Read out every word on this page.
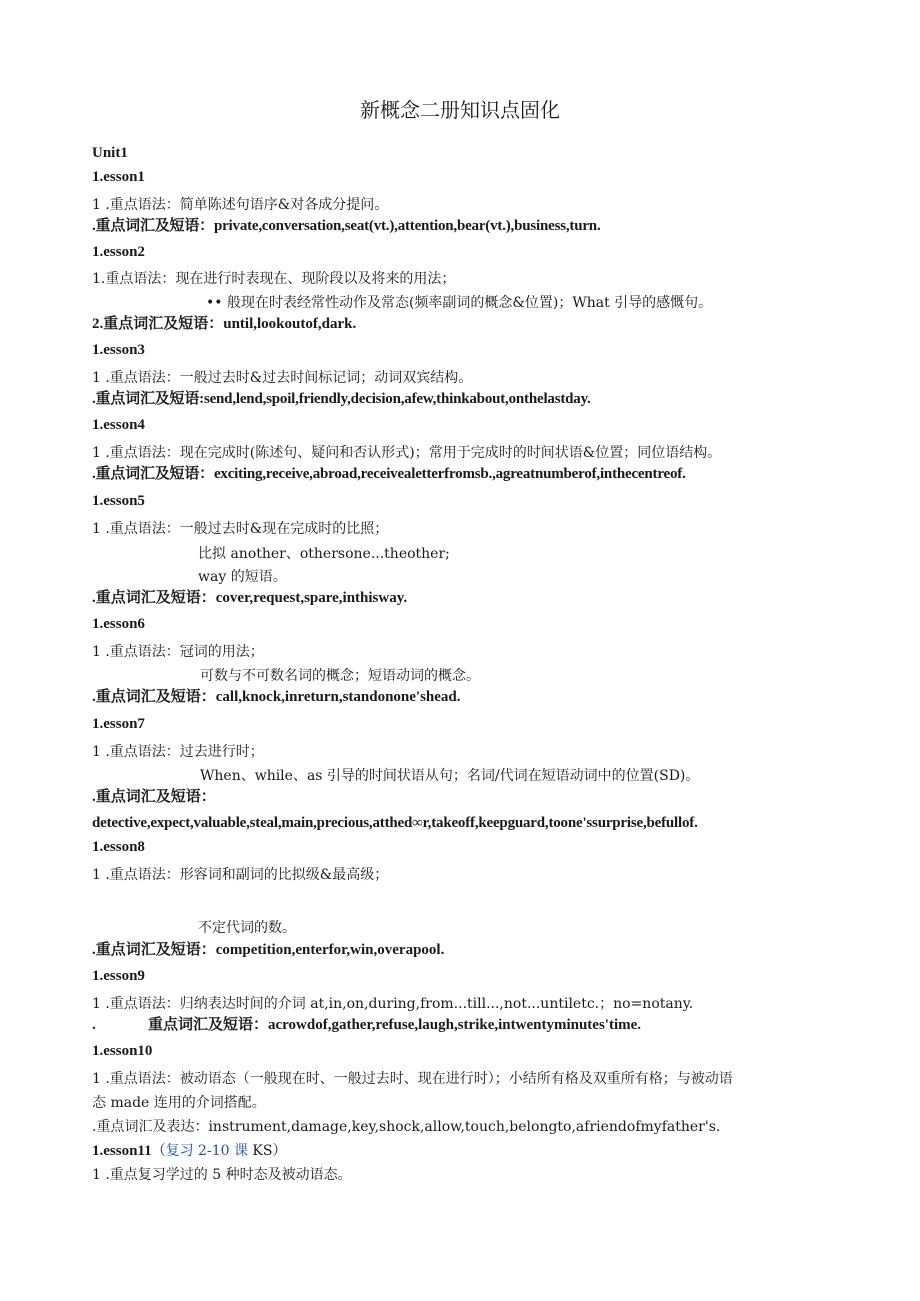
新概念二册知识点固化
Unit1
1.esson1
1 .重点语法：简单陈述句语序&对各成分提问。
.重点词汇及短语：private,conversation,seat(vt.),attention,bear(vt.),business,turn.
1.esson2
1.重点语法：现在进行时表现在、现阶段以及将来的用法；
•• 般现在时表经常性动作及常态(频率副词的概念&位置)；What 引导的感慨句。
2.重点词汇及短语：until,lookoutof,dark.
1.esson3
1 .重点语法：一般过去时&过去时间标记词；动词双宾结构。
.重点词汇及短语:send,lend,spoil,friendly,decision,afew,thinkabout,onthelastday.
1.esson4
1 .重点语法：现在完成时(陈述句、疑问和否认形式)；常用于完成时的时间状语&位置；同位语结构。
.重点词汇及短语：exciting,receive,abroad,receivealetterfromsb.,agreatnumberof,inthecentreof.
1.esson5
1 .重点语法：一般过去时&现在完成时的比照；
比拟 another、othersone...theother;
way 的短语。
.重点词汇及短语：cover,request,spare,inthisway.
1.esson6
1 .重点语法：冠词的用法；
可数与不可数名词的概念；短语动词的概念。
.重点词汇及短语：call,knock,inreturn,standonone'shead.
1.esson7
1 .重点语法：过去进行时；
When、while、as 引导的时间状语从句；名词/代词在短语动词中的位置(SD)。
.重点词汇及短语：
detective,expect,valuable,steal,main,precious,atthed∞r,takeoff,keepguard,toone'ssurprise,befullof.
1.esson8
1 .重点语法：形容词和副词的比拟级&最高级；
不定代词的数。
.重点词汇及短语：competition,enterfor,win,overapool.
1.esson9
1 .重点语法：归纳表达时间的介词 at,in,on,during,from...till...,not...untiletc.；no=notany.
.	重点词汇及短语：acrowdof,gather,refuse,laugh,strike,intwentyminutes'time.
1.esson10
1 .重点语法：被动语态（一般现在时、一般过去时、现在进行时）；小结所有格及双重所有格；与被动语
态 made 连用的介词搭配。
.重点词汇及表达：instrument,damage,key,shock,allow,touch,belongto,afriendofmyfather's.
1.esson11（复习 2-10 课 KS）
1 .重点复习学过的 5 种时态及被动语态。
